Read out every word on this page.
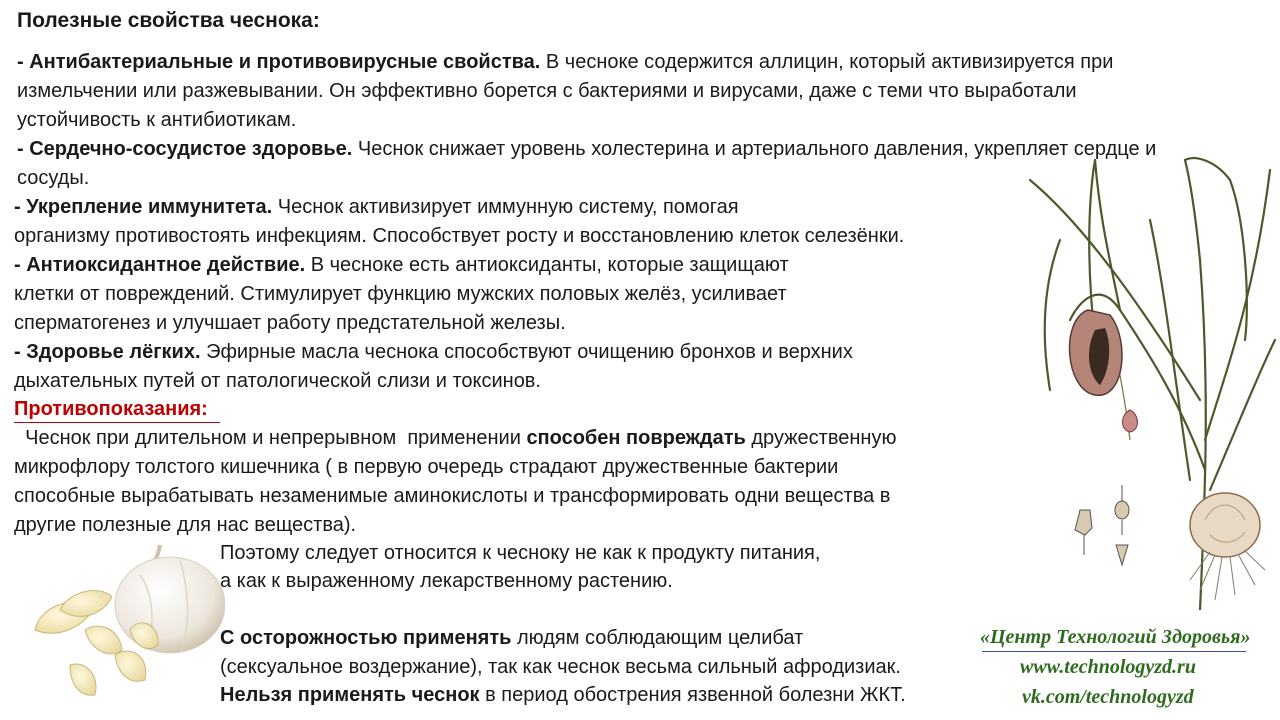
Полезные свойства чеснока:
- Антибактериальные и противовирусные свойства. В чесноке содержится аллицин, который активизируется при
измельчении или разжевывании. Он эффективно борется с бактериями и вирусами, даже с теми что выработали
устойчивость к антибиотикам.
- Сердечно-сосудистое здоровье. Чеснок снижает уровень холестерина и артериального давления, укрепляет сердце и
сосуды.
- Укрепление иммунитета. Чеснок активизирует иммунную систему, помогая
организму противостоять инфекциям. Способствует росту и восстановлению клеток селезёнки.
- Антиоксидантное действие. В чесноке есть антиоксиданты, которые защищают
клетки от повреждений. Стимулирует функцию мужских половых желёз, усиливает
сперматогенез и улучшает работу предстательной железы.
- Здоровье лёгких. Эфирные масла чеснока способствуют очищению бронхов и верхних
дыхательных путей от патологической слизи и токсинов.
Противопоказания:
Чеснок при длительном и непрерывном  применении способен повреждать дружественную
микрофлору толстого кишечника ( в первую очередь страдают дружественные бактерии
способные вырабатывать незаменимые аминокислоты и трансформировать одни вещества в
другие полезные для нас вещества).
Поэтому следует относится к чесноку не как к продукту питания,
а как к выраженному лекарственному растению.
С осторожностью применять людям соблюдающим целибат
(сексуальное воздержание), так как чеснок весьма сильный афродизиак.
Нельзя применять чеснок в период обострения язвенной болезни ЖКТ.
«Центр Технологий Здоровья»
www.technologyzd.ru
vk.com/technologyzd
